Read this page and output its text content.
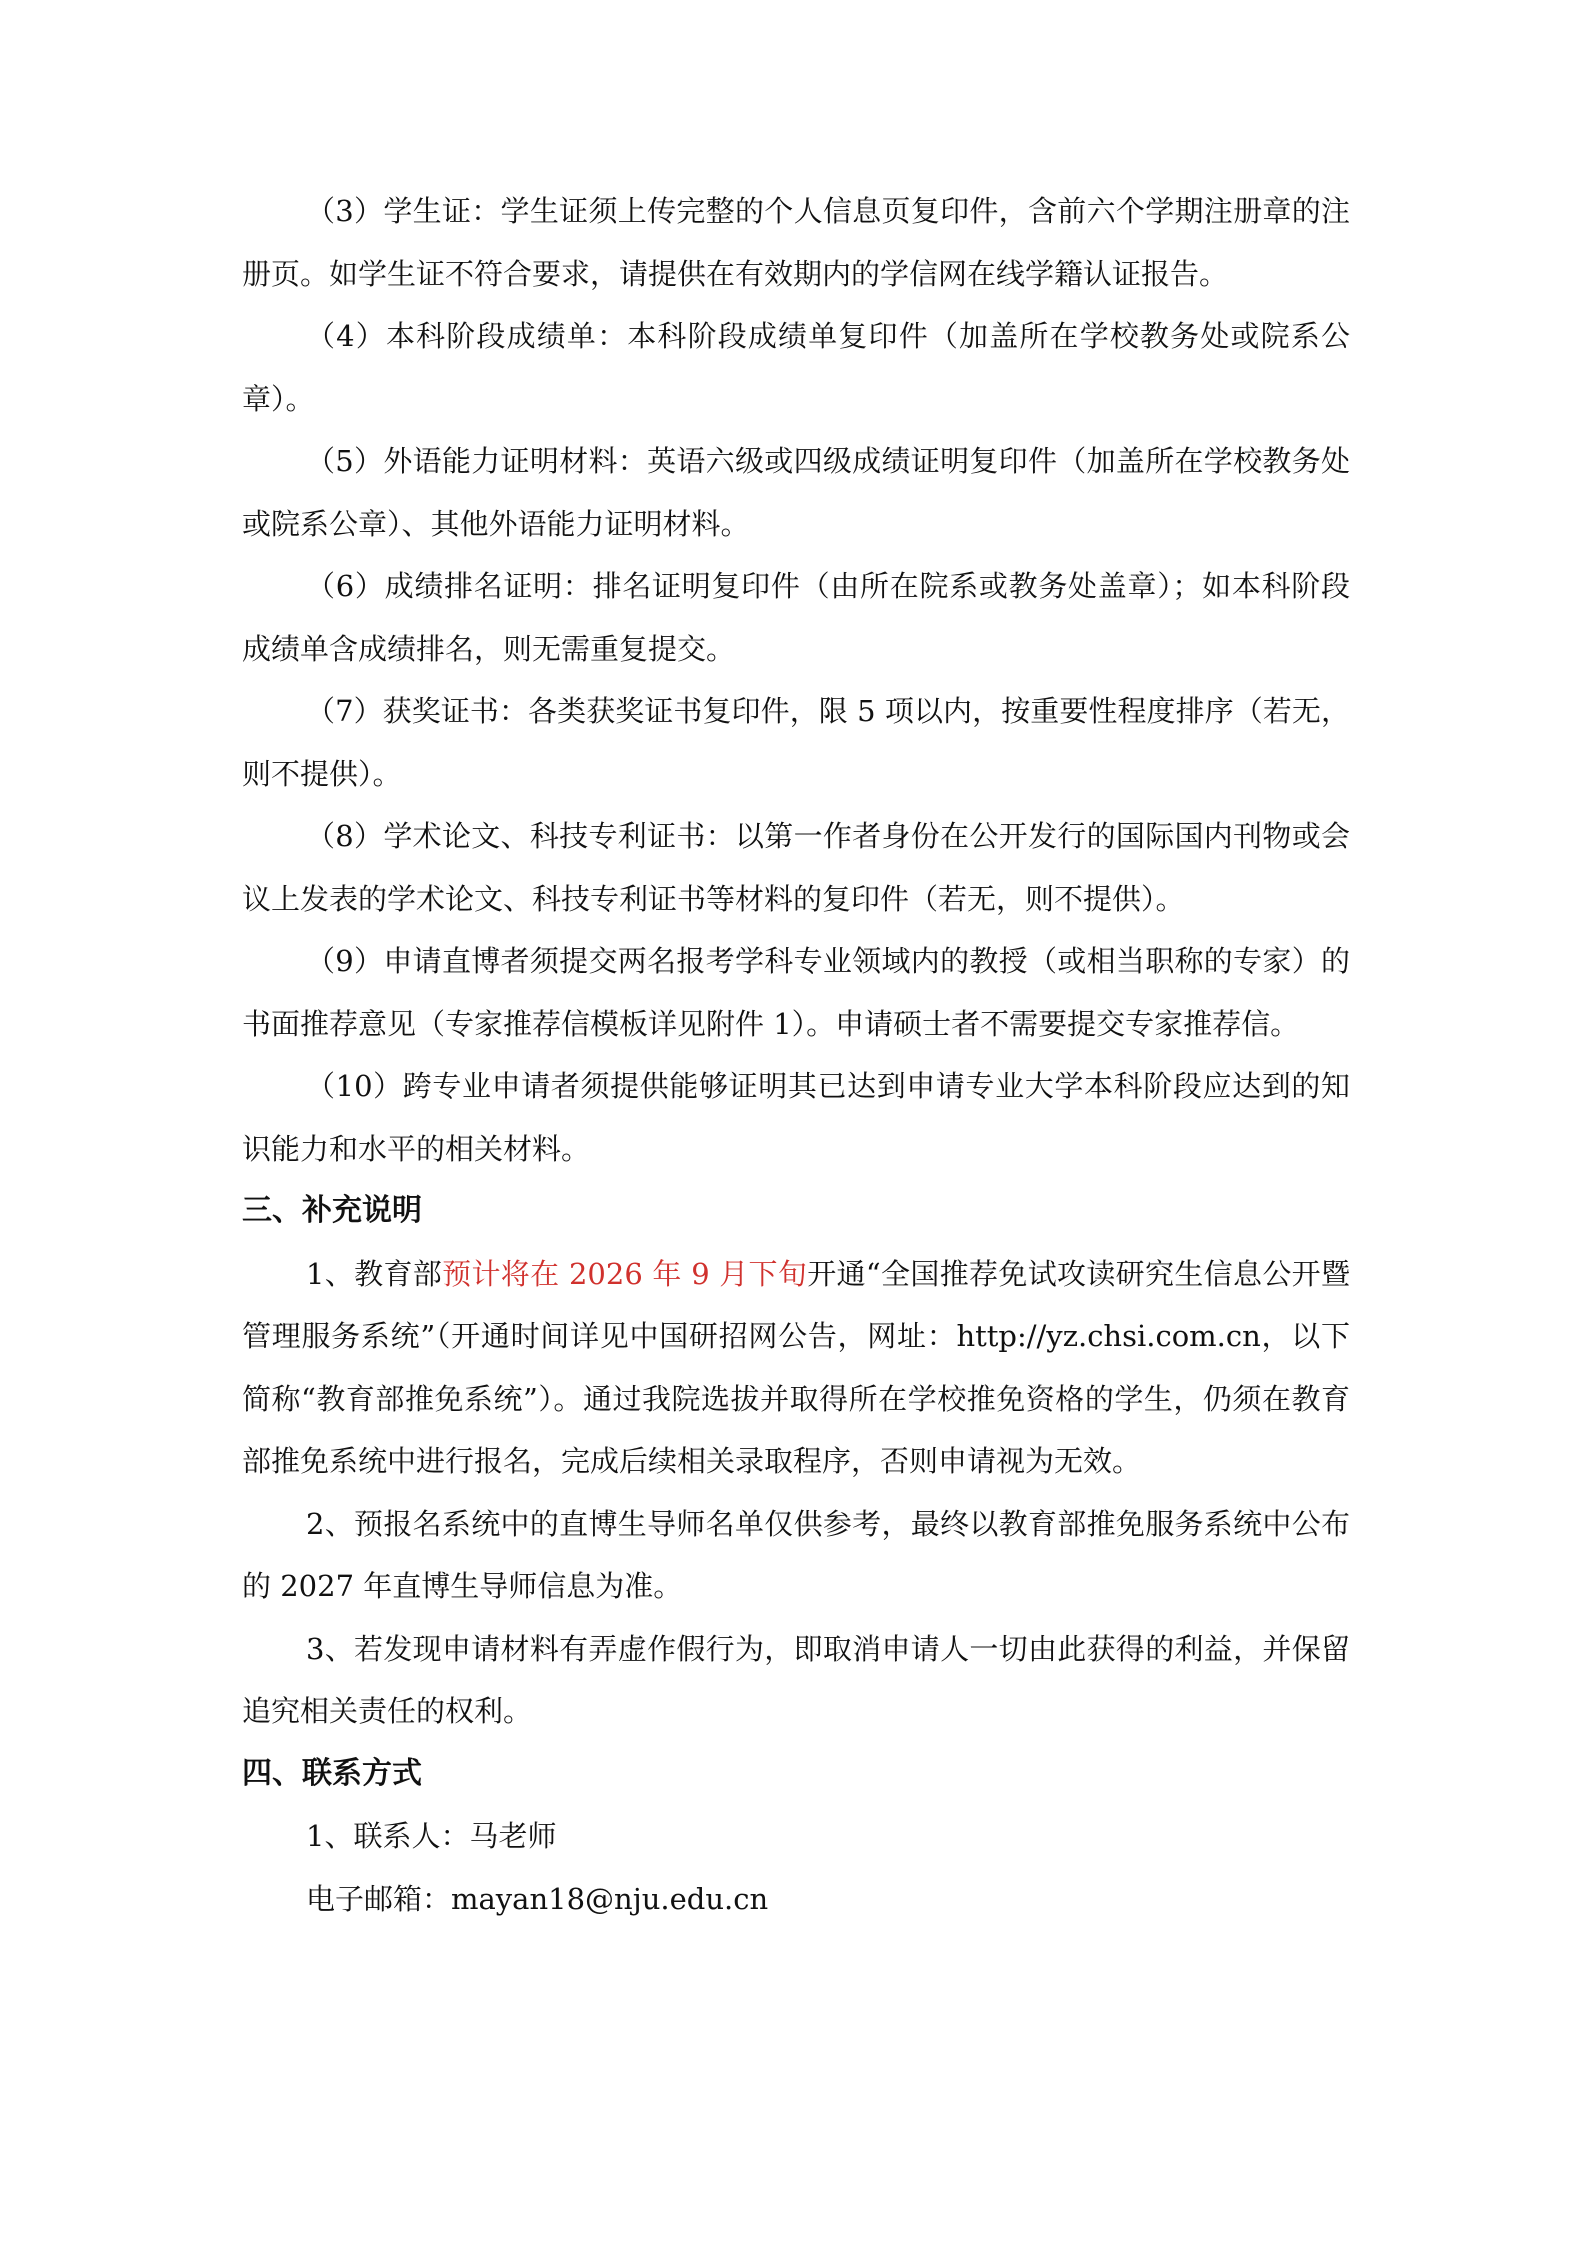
（3）学生证：学生证须上传完整的个人信息页复印件，含前六个学期注册章的注册页。如学生证不符合要求，请提供在有效期内的学信网在线学籍认证报告。

（4）本科阶段成绩单：本科阶段成绩单复印件（加盖所在学校教务处或院系公章）。

（5）外语能力证明材料：英语六级或四级成绩证明复印件（加盖所在学校教务处或院系公章）、其他外语能力证明材料。

（6）成绩排名证明：排名证明复印件（由所在院系或教务处盖章）；如本科阶段成绩单含成绩排名，则无需重复提交。

（7）获奖证书：各类获奖证书复印件，限 5 项以内，按重要性程度排序（若无，则不提供）。

（8）学术论文、科技专利证书：以第一作者身份在公开发行的国际国内刊物或会议上发表的学术论文、科技专利证书等材料的复印件（若无，则不提供）。

（9）申请直博者须提交两名报考学科专业领域内的教授（或相当职称的专家）的书面推荐意见（专家推荐信模板详见附件 1）。申请硕士者不需要提交专家推荐信。

（10）跨专业申请者须提供能够证明其已达到申请专业大学本科阶段应达到的知识能力和水平的相关材料。

三、补充说明

1、教育部预计将在 2026 年 9 月下旬开通“全国推荐免试攻读研究生信息公开暨管理服务系统”（开通时间详见中国研招网公告，网址：http://yz.chsi.com.cn，以下简称“教育部推免系统”）。通过我院选拔并取得所在学校推免资格的学生，仍须在教育部推免系统中进行报名，完成后续相关录取程序，否则申请视为无效。

2、预报名系统中的直博生导师名单仅供参考，最终以教育部推免服务系统中公布的 2027 年直博生导师信息为准。

3、若发现申请材料有弄虚作假行为，即取消申请人一切由此获得的利益，并保留追究相关责任的权利。

四、联系方式

1、联系人：马老师

电子邮箱：mayan18@nju.edu.cn
